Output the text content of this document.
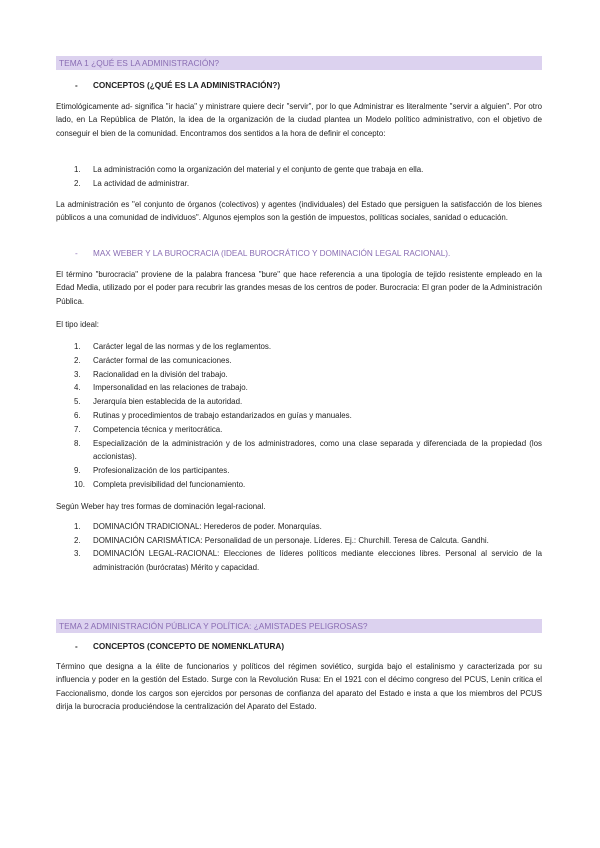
TEMA 1 ¿QUÉ ES LA ADMINISTRACIÓN?
- CONCEPTOS (¿QUÉ ES LA ADMINISTRACIÓN?)
Etimológicamente ad- significa "ir hacia" y ministrare quiere decir "servir", por lo que Administrar es literalmente "servir a alguien". Por otro lado, en La República de Platón, la idea de la organización de la ciudad plantea un Modelo político administrativo, con el objetivo de conseguir el bien de la comunidad. Encontramos dos sentidos a la hora de definir el concepto:
1. La administración como la organización del material y el conjunto de gente que trabaja en ella.
2. La actividad de administrar.
La administración es "el conjunto de órganos (colectivos) y agentes (individuales) del Estado que persiguen la satisfacción de los bienes públicos a una comunidad de individuos". Algunos ejemplos son la gestión de impuestos, políticas sociales, sanidad o educación.
- MAX WEBER Y LA BUROCRACIA (IDEAL BUROCRÁTICO Y DOMINACIÓN LEGAL RACIONAL).
El término "burocracia" proviene de la palabra francesa "bure" que hace referencia a una tipología de tejido resistente empleado en la Edad Media, utilizado por el poder para recubrir las grandes mesas de los centros de poder. Burocracia: El gran poder de la Administración Pública.
El tipo ideal:
1. Carácter legal de las normas y de los reglamentos.
2. Carácter formal de las comunicaciones.
3. Racionalidad en la división del trabajo.
4. Impersonalidad en las relaciones de trabajo.
5. Jerarquía bien establecida de la autoridad.
6. Rutinas y procedimientos de trabajo estandarizados en guías y manuales.
7. Competencia técnica y meritocrática.
8. Especialización de la administración y de los administradores, como una clase separada y diferenciada de la propiedad (los accionistas).
9. Profesionalización de los participantes.
10. Completa previsibilidad del funcionamiento.
Según Weber hay tres formas de dominación legal-racional.
1. DOMINACIÓN TRADICIONAL: Herederos de poder. Monarquías.
2. DOMINACIÓN CARISMÁTICA: Personalidad de un personaje. Líderes. Ej.: Churchill. Teresa de Calcuta. Gandhi.
3. DOMINACIÓN LEGAL-RACIONAL: Elecciones de líderes políticos mediante elecciones libres. Personal al servicio de la administración (burócratas) Mérito y capacidad.
TEMA 2 ADMINISTRACIÓN PÚBLICA Y POLÍTICA: ¿AMISTADES PELIGROSAS?
- CONCEPTOS (CONCEPTO DE NOMENKLATURA)
Término que designa a la élite de funcionarios y políticos del régimen soviético, surgida bajo el estalinismo y caracterizada por su influencia y poder en la gestión del Estado. Surge con la Revolución Rusa: En el 1921 con el décimo congreso del PCUS, Lenin critica el Faccionalismo, donde los cargos son ejercidos por personas de confianza del aparato del Estado e insta a que los miembros del PCUS dirija la burocracia produciéndose la centralización del Aparato del Estado.
